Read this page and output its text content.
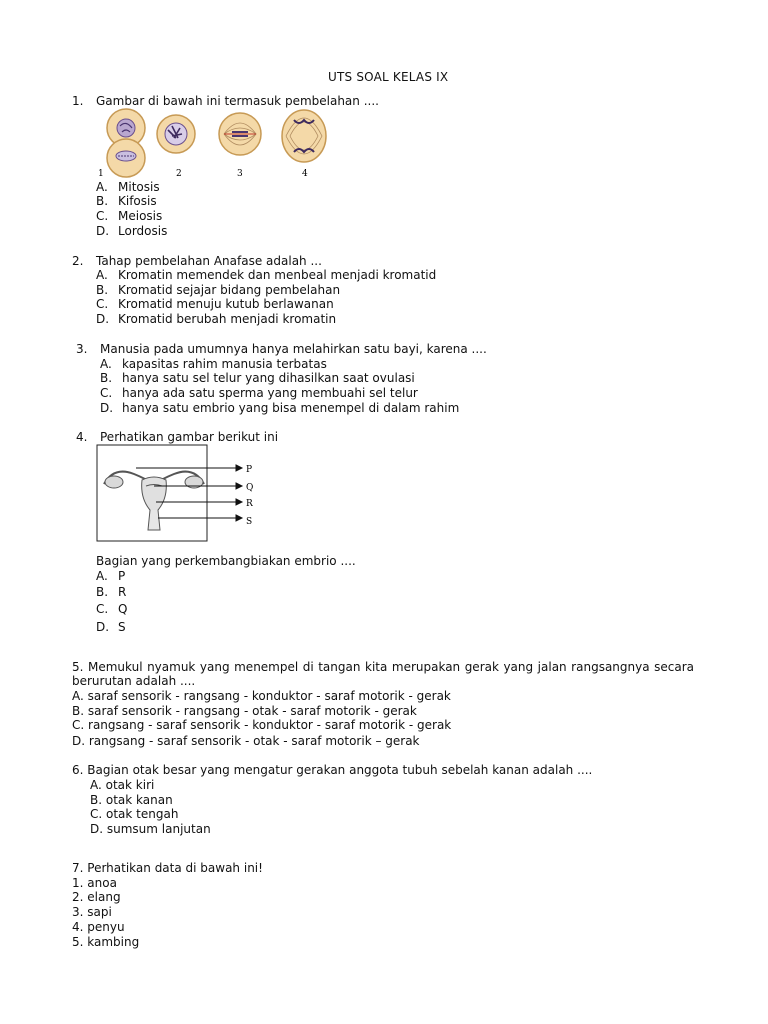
UTS SOAL KELAS IX
1. Gambar di bawah ini termasuk pembelahan ....
1	2	3	4
A. Mitosis
B. Kifosis
C. Meiosis
D. Lordosis
2. Tahap pembelahan Anafase adalah ...
A. Kromatin memendek dan menbeal menjadi kromatid
B. Kromatid sejajar bidang pembelahan
C. Kromatid menuju kutub berlawanan
D. Kromatid berubah menjadi kromatin
3. Manusia pada umumnya hanya melahirkan satu bayi, karena ....
A. kapasitas rahim manusia terbatas
B. hanya satu sel telur yang dihasilkan saat ovulasi
C. hanya ada satu sperma yang membuahi sel telur
D. hanya satu embrio yang bisa menempel di dalam rahim
4. Perhatikan gambar berikut ini
P
Q
R
S
Bagian yang perkembangbiakan embrio ....
A. P
B. R
C. Q
D. S
5. Memukul nyamuk yang menempel di tangan kita merupakan gerak yang jalan rangsangnya secara
berurutan adalah ....
A. saraf sensorik - rangsang - konduktor - saraf motorik - gerak
B. saraf sensorik - rangsang - otak - saraf motorik - gerak
C. rangsang - saraf sensorik - konduktor - saraf motorik - gerak
D. rangsang - saraf sensorik - otak - saraf motorik – gerak
6. Bagian otak besar yang mengatur gerakan anggota tubuh sebelah kanan adalah ....
A. otak kiri
B. otak kanan
C. otak tengah
D. sumsum lanjutan
7. Perhatikan data di bawah ini!
1. anoa
2. elang
3. sapi
4. penyu
5. kambing
